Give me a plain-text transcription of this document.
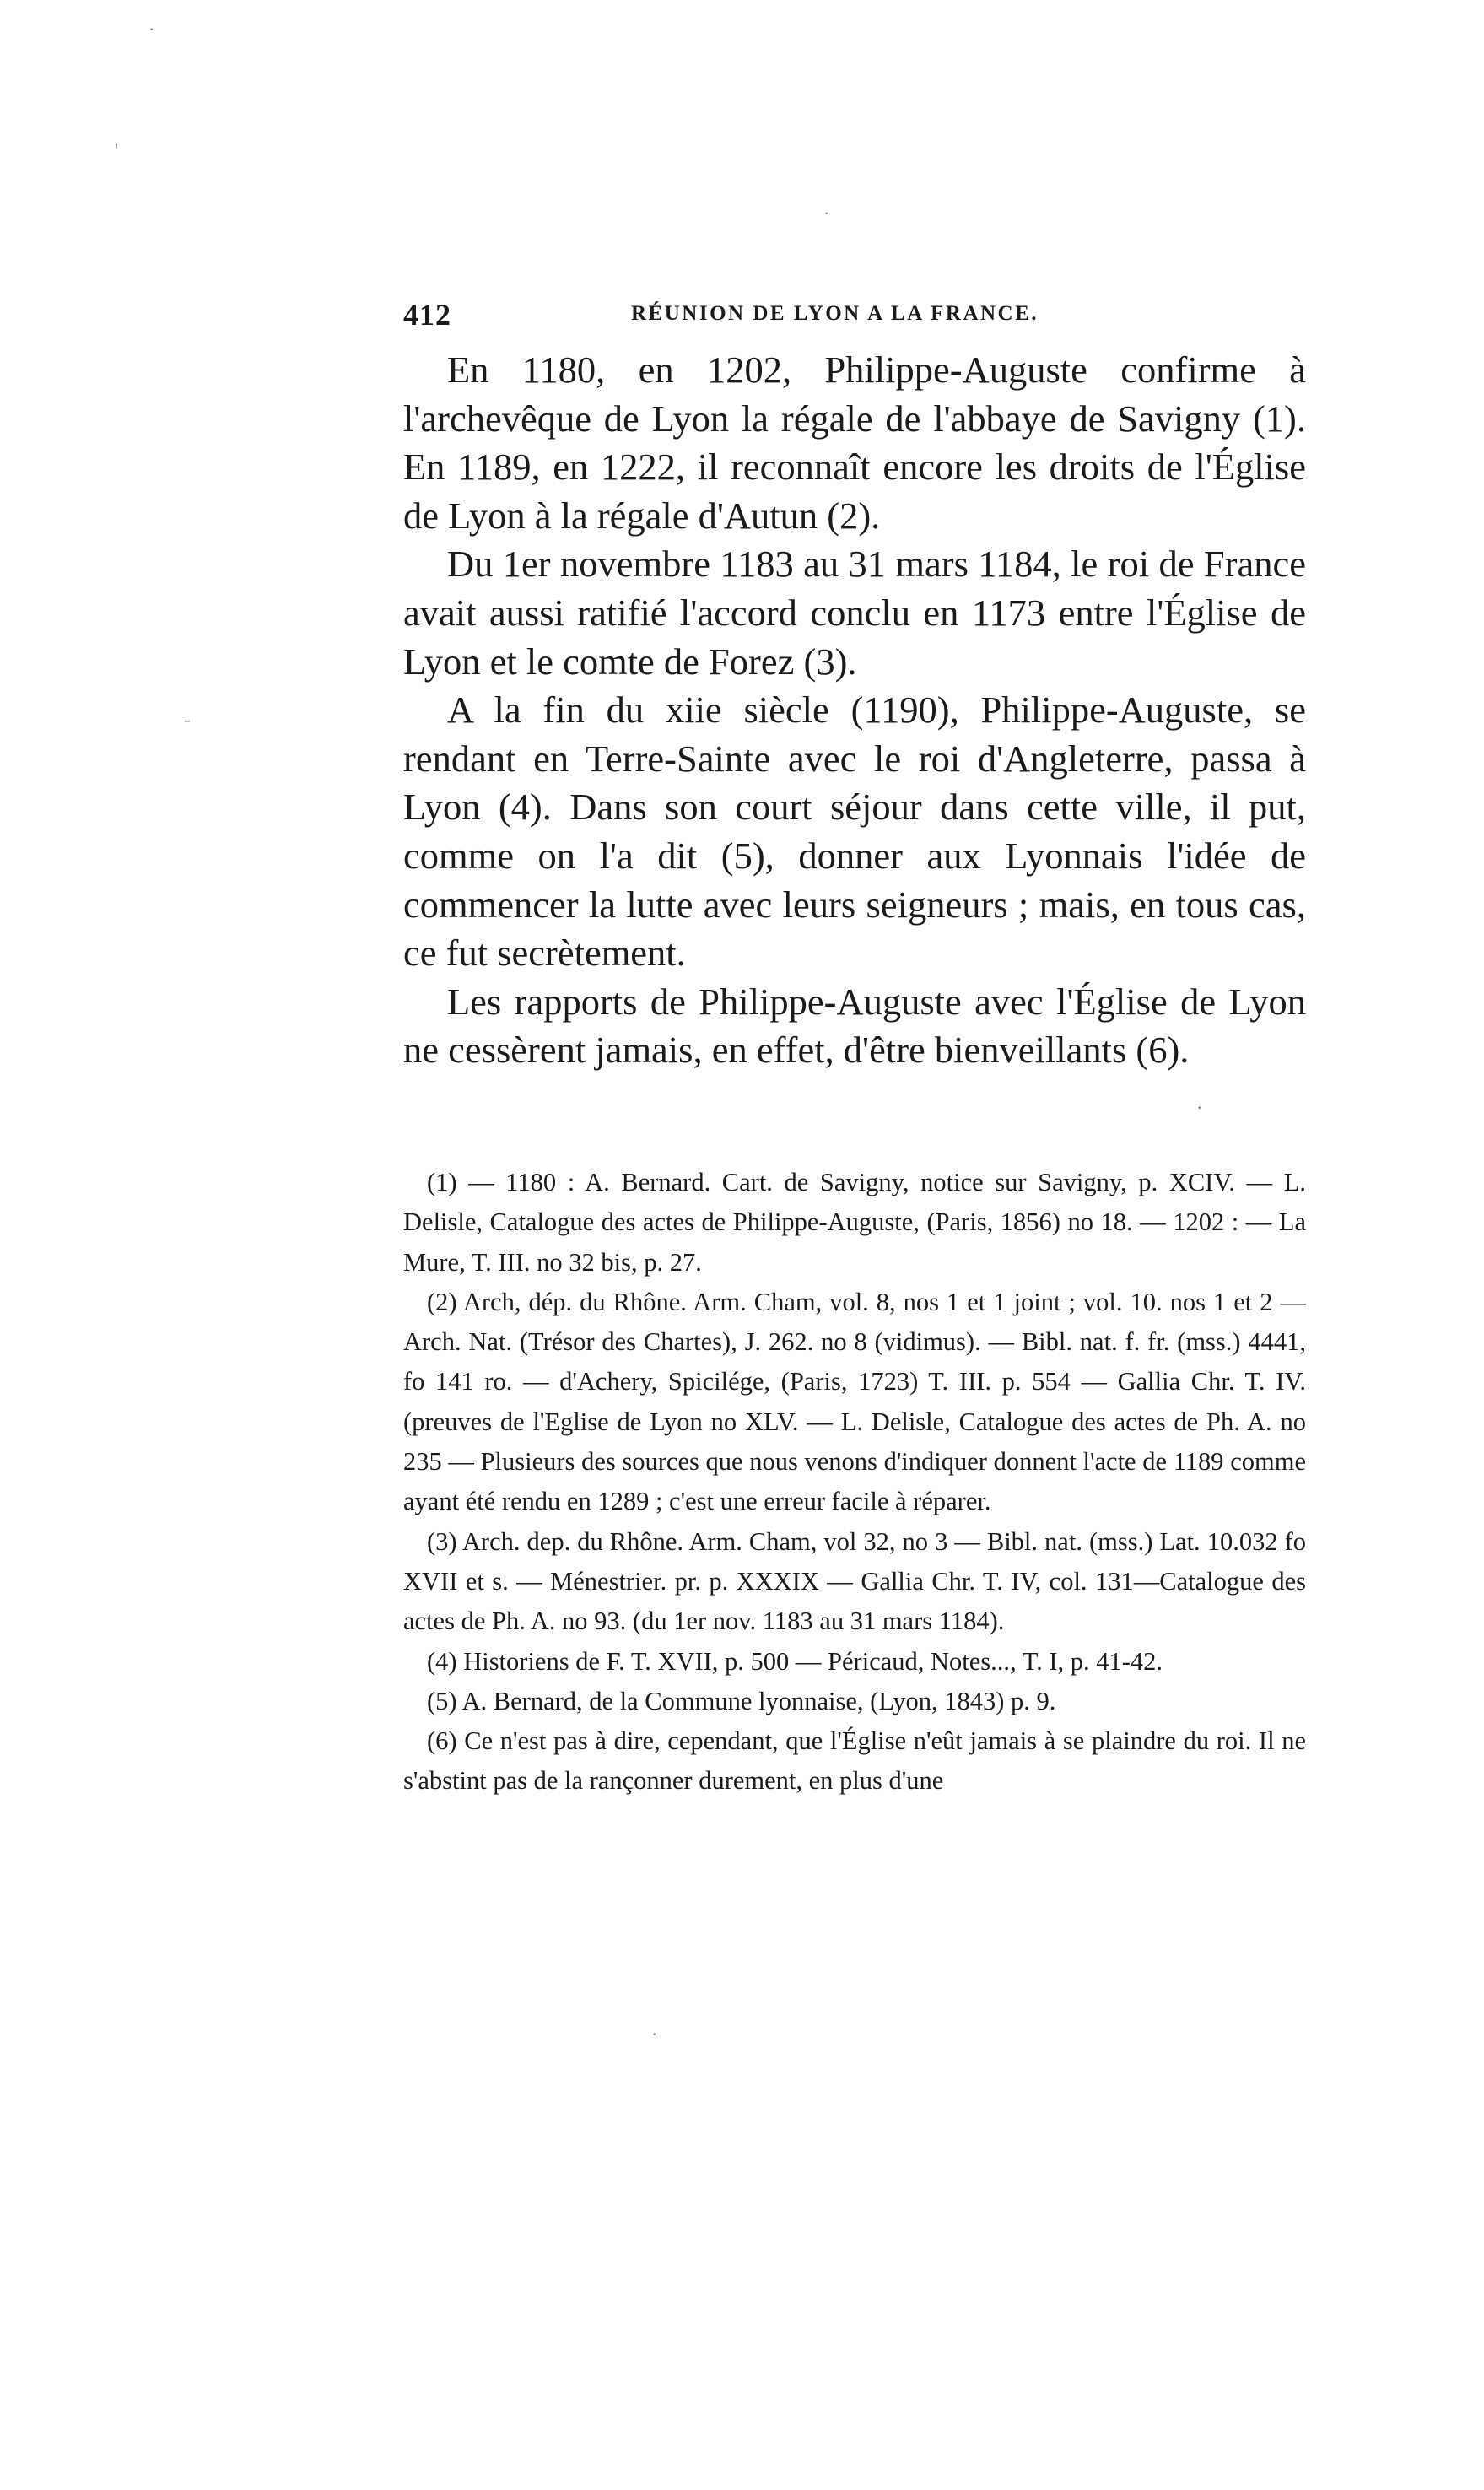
·
'
·
-
·
·
412	RÉUNION DE LYON A LA FRANCE.

En 1180, en 1202, Philippe-Auguste confirme à l'archevêque de Lyon la régale de l'abbaye de Savigny (1). En 1189, en 1222, il reconnaît encore les droits de l'Église de Lyon à la régale d'Autun (2).

Du 1er novembre 1183 au 31 mars 1184, le roi de France avait aussi ratifié l'accord conclu en 1173 entre l'Église de Lyon et le comte de Forez (3).

A la fin du xiie siècle (1190), Philippe-Auguste, se rendant en Terre-Sainte avec le roi d'Angleterre, passa à Lyon (4). Dans son court séjour dans cette ville, il put, comme on l'a dit (5), donner aux Lyonnais l'idée de commencer la lutte avec leurs seigneurs ; mais, en tous cas, ce fut secrètement.

Les rapports de Philippe-Auguste avec l'Église de Lyon ne cessèrent jamais, en effet, d'être bienveillants (6).

(1) — 1180 : A. Bernard. Cart. de Savigny, notice sur Savigny, p. XCIV. — L. Delisle, Catalogue des actes de Philippe-Auguste, (Paris, 1856) no 18. — 1202 : — La Mure, T. III. no 32 bis, p. 27.

(2) Arch, dép. du Rhône. Arm. Cham, vol. 8, nos 1 et 1 joint ; vol. 10. nos 1 et 2 — Arch. Nat. (Trésor des Chartes), J. 262. no 8 (vidimus). — Bibl. nat. f. fr. (mss.) 4441, fo 141 ro. — d'Achery, Spicilége, (Paris, 1723) T. III. p. 554 — Gallia Chr. T. IV. (preuves de l'Eglise de Lyon no XLV. — L. Delisle, Catalogue des actes de Ph. A. no 235 — Plusieurs des sources que nous venons d'indiquer donnent l'acte de 1189 comme ayant été rendu en 1289 ; c'est une erreur facile à réparer.

(3) Arch. dep. du Rhône. Arm. Cham, vol 32, no 3 — Bibl. nat. (mss.) Lat. 10.032 fo XVII et s. — Ménestrier. pr. p. XXXIX — Gallia Chr. T. IV, col. 131—Catalogue des actes de Ph. A. no 93. (du 1er nov. 1183 au 31 mars 1184).

(4) Historiens de F. T. XVII, p. 500 — Péricaud, Notes..., T. I, p. 41-42.

(5) A. Bernard, de la Commune lyonnaise, (Lyon, 1843) p. 9.

(6) Ce n'est pas à dire, cependant, que l'Église n'eût jamais à se plaindre du roi. Il ne s'abstint pas de la rançonner durement, en plus d'une
